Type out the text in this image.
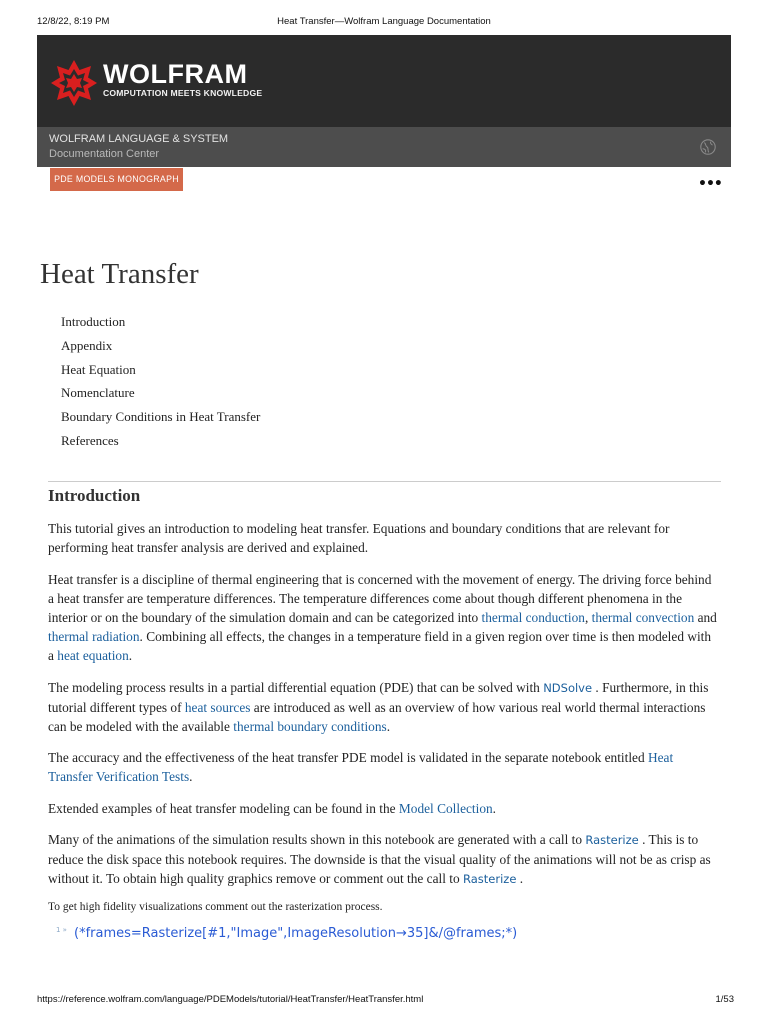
12/8/22, 8:19 PM	Heat Transfer—Wolfram Language Documentation
WOLFRAM
COMPUTATION MEETS KNOWLEDGE
WOLFRAM LANGUAGE & SYSTEM
Documentation Center
PDE MODELS MONOGRAPH	•••
Heat Transfer
Introduction
Appendix
Heat Equation
Nomenclature
Boundary Conditions in Heat Transfer
References
Introduction

This tutorial gives an introduction to modeling heat transfer. Equations and boundary conditions that are relevant for performing heat transfer analysis are derived and explained.

Heat transfer is a discipline of thermal engineering that is concerned with the movement of energy. The driving force behind a heat transfer are temperature differences. The temperature differences come about though different phenomena in the interior or on the boundary of the simulation domain and can be categorized into thermal conduction, thermal convection and thermal radiation. Combining all effects, the changes in a temperature field in a given region over time is then modeled with a heat equation.

The modeling process results in a partial differential equation (PDE) that can be solved with NDSolve . Furthermore, in this tutorial different types of heat sources are introduced as well as an overview of how various real world thermal interactions can be modeled with the available thermal boundary conditions.

The accuracy and the effectiveness of the heat transfer PDE model is validated in the separate notebook entitled Heat Transfer Verification Tests.

Extended examples of heat transfer modeling can be found in the Model Collection.

Many of the animations of the simulation results shown in this notebook are generated with a call to Rasterize . This is to reduce the disk space this notebook requires. The downside is that the visual quality of the animations will not be as crisp as without it. To obtain high quality graphics remove or comment out the call to Rasterize .

To get high fidelity visualizations comment out the rasterization process.

1 » (*frames=Rasterize[#1,"Image",ImageResolution→35]&/@frames;*)
https://reference.wolfram.com/language/PDEModels/tutorial/HeatTransfer/HeatTransfer.html	1/53
